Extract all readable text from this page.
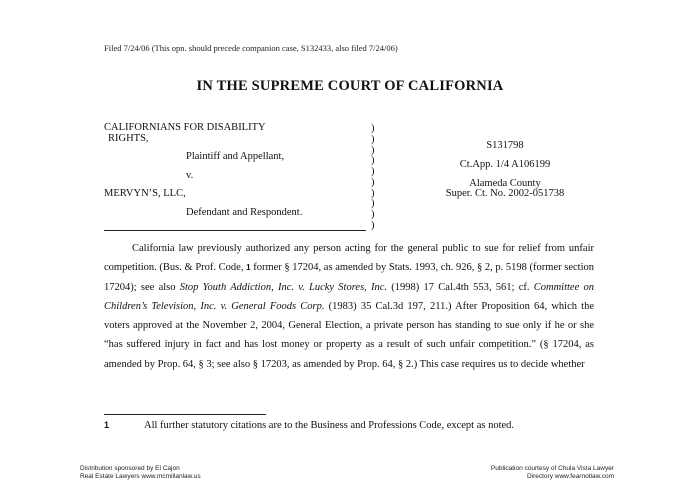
Filed 7/24/06 (This opn. should precede companion case, S132433, also filed 7/24/06)

IN THE SUPREME COURT OF CALIFORNIA
CALIFORNIANS FOR DISABILITY
RIGHTS,
Plaintiff and Appellant,
v.
MERVYN’S, LLC,
Defendant and Respondent.
)
)
)
)
)
)
)
)
)
)
S131798
Ct.App. 1/4 A106199
Alameda County
Super. Ct. No. 2002-051738

California law previously authorized any person acting for the general public to sue for relief from unfair competition. (Bus. & Prof. Code, 1 former § 17204, as amended by Stats. 1993, ch. 926, § 2, p. 5198 (former section 17204); see also Stop Youth Addiction, Inc. v. Lucky Stores, Inc. (1998) 17 Cal.4th 553, 561; cf. Committee on Children’s Television, Inc. v. General Foods Corp. (1983) 35 Cal.3d 197, 211.) After Proposition 64, which the voters approved at the November 2, 2004, General Election, a private person has standing to sue only if he or she “has suffered injury in fact and has lost money or property as a result of such unfair competition.” (§ 17204, as amended by Prop. 64, § 3; see also § 17203, as amended by Prop. 64, § 2.) This case requires us to decide whether

1	All further statutory citations are to the Business and Professions Code, except as noted.
Distribution sponsored by El Cajon
Real Estate Lawyers www.mcmillanlaw.us
Publication courtesy of Chula Vista Lawyer
Directory www.fearnotlaw.com
